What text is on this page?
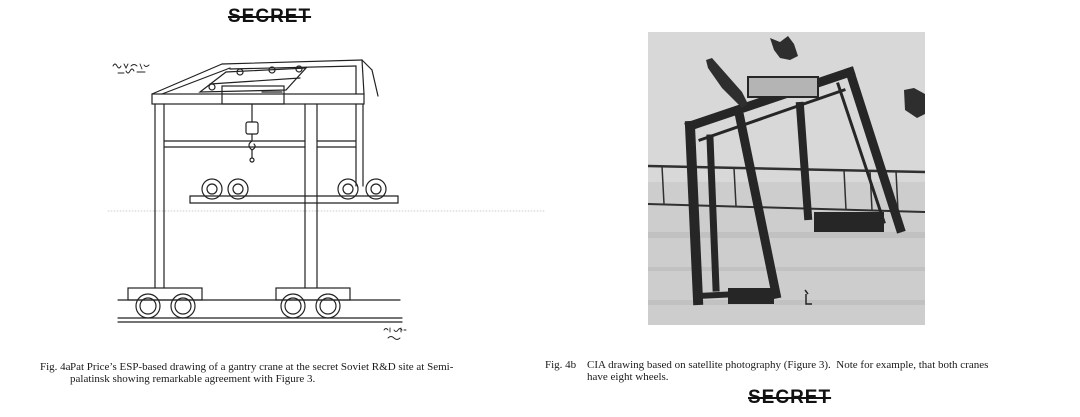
SECRET
Fig. 4a Pat Price’s ESP-based drawing of a gantry crane at the secret Soviet R&D site at Semi-
palatinsk showing remarkable agreement with Figure 3.
Fig. 4b CIA drawing based on satellite photography (Figure 3).  Note for example, that both cranes
have eight wheels.
SECRET
